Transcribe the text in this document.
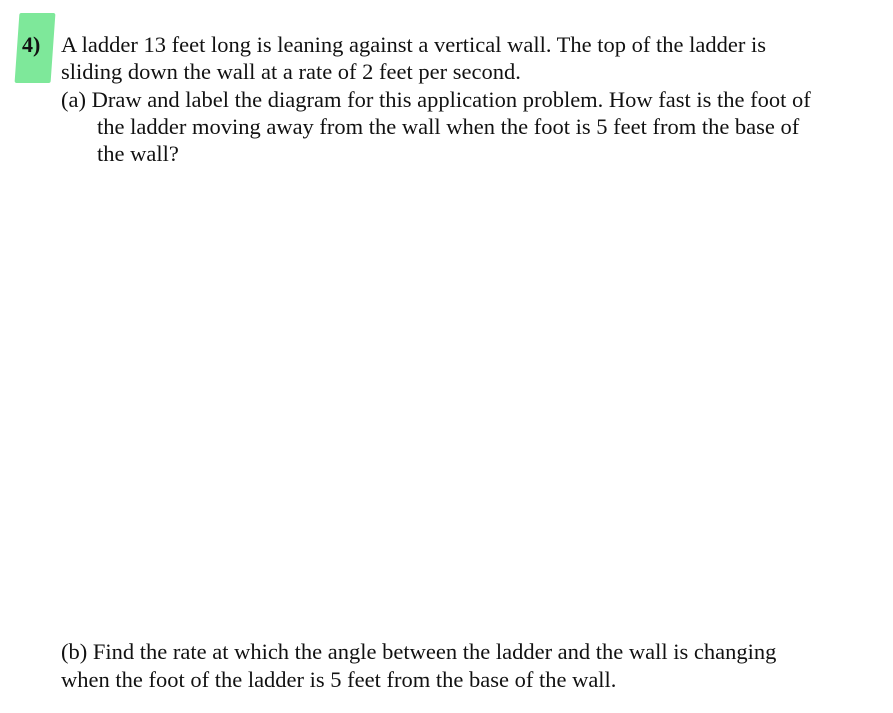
4) A ladder 13 feet long is leaning against a vertical wall. The top of the ladder is
sliding down the wall at a rate of 2 feet per second.
(a) Draw and label the diagram for this application problem. How fast is the foot of
the ladder moving away from the wall when the foot is 5 feet from the base of
the wall?
(b) Find the rate at which the angle between the ladder and the wall is changing
when the foot of the ladder is 5 feet from the base of the wall.
